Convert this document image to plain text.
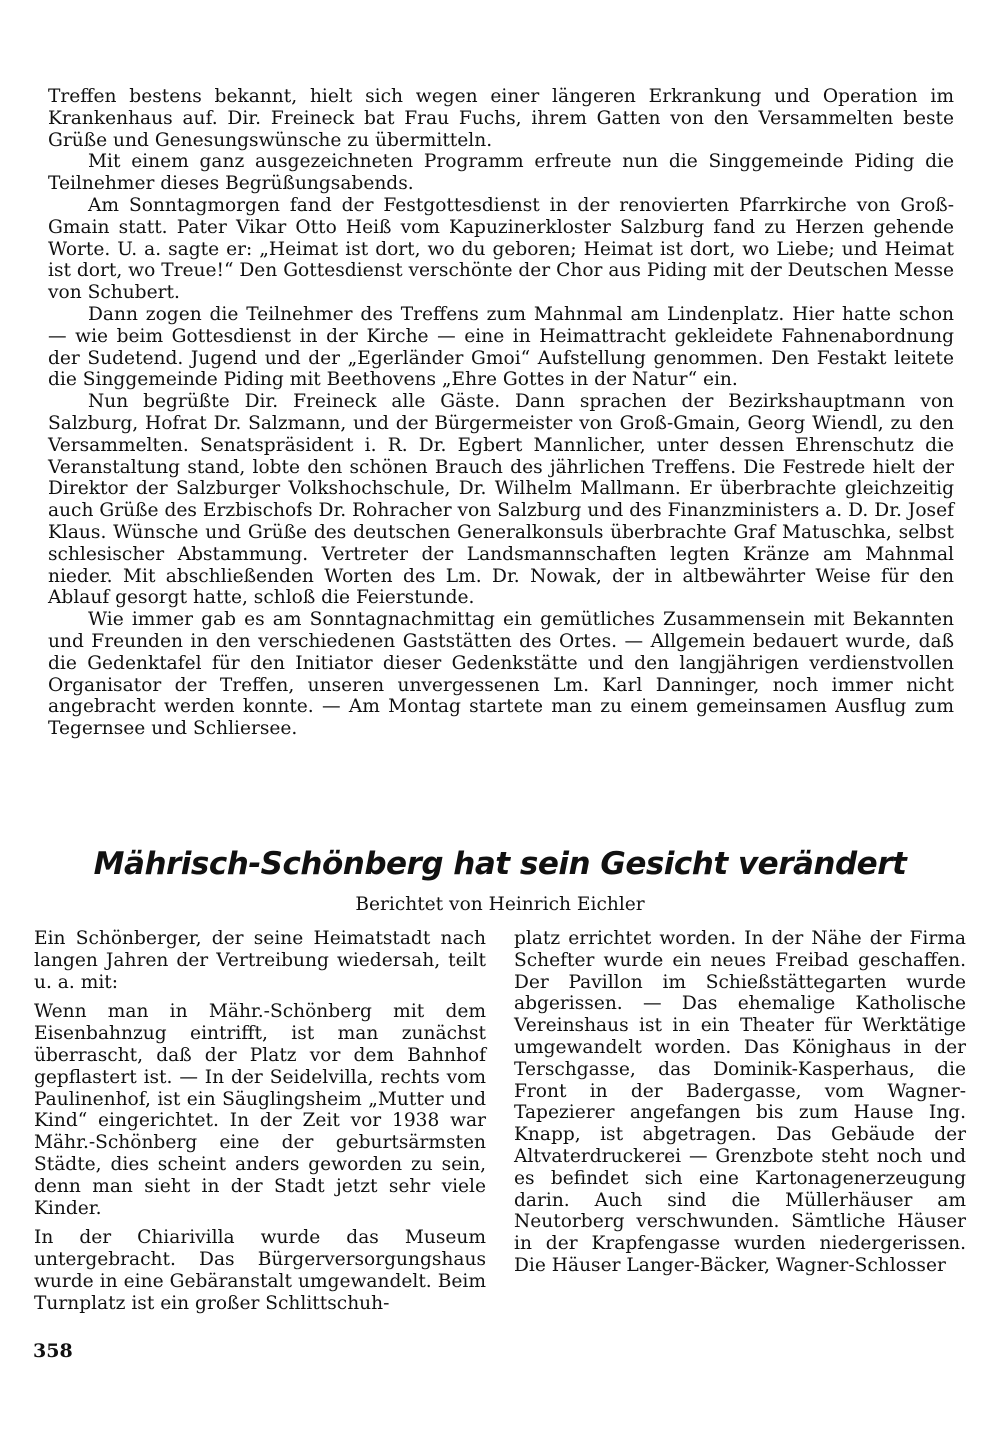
Treffen bestens bekannt, hielt sich wegen einer längeren Erkrankung und Operation im Krankenhaus auf. Dir. Freineck bat Frau Fuchs, ihrem Gatten von den Versammelten beste Grüße und Genesungswünsche zu übermitteln.

Mit einem ganz ausgezeichneten Programm erfreute nun die Singgemeinde Piding die Teilnehmer dieses Begrüßungsabends.

Am Sonntagmorgen fand der Festgottesdienst in der renovierten Pfarrkirche von Groß-Gmain statt. Pater Vikar Otto Heiß vom Kapuzinerkloster Salzburg fand zu Herzen gehende Worte. U. a. sagte er: „Heimat ist dort, wo du geboren; Heimat ist dort, wo Liebe; und Heimat ist dort, wo Treue!“ Den Gottesdienst verschönte der Chor aus Piding mit der Deutschen Messe von Schubert.

Dann zogen die Teilnehmer des Treffens zum Mahnmal am Lindenplatz. Hier hatte schon — wie beim Gottesdienst in der Kirche — eine in Heimattracht gekleidete Fahnenabordnung der Sudetend. Jugend und der „Egerländer Gmoi“ Aufstellung genommen. Den Festakt leitete die Singgemeinde Piding mit Beethovens „Ehre Gottes in der Natur“ ein.

Nun begrüßte Dir. Freineck alle Gäste. Dann sprachen der Bezirkshauptmann von Salzburg, Hofrat Dr. Salzmann, und der Bürgermeister von Groß-Gmain, Georg Wiendl, zu den Versammelten. Senatspräsident i. R. Dr. Egbert Mannlicher, unter dessen Ehrenschutz die Veranstaltung stand, lobte den schönen Brauch des jährlichen Treffens. Die Festrede hielt der Direktor der Salzburger Volkshochschule, Dr. Wilhelm Mallmann. Er überbrachte gleichzeitig auch Grüße des Erzbischofs Dr. Rohracher von Salzburg und des Finanzministers a. D. Dr. Josef Klaus. Wünsche und Grüße des deutschen Generalkonsuls überbrachte Graf Matuschka, selbst schlesischer Abstammung. Vertreter der Landsmannschaften legten Kränze am Mahnmal nieder. Mit abschließenden Worten des Lm. Dr. Nowak, der in altbewährter Weise für den Ablauf gesorgt hatte, schloß die Feierstunde.

Wie immer gab es am Sonntagnachmittag ein gemütliches Zusammensein mit Bekannten und Freunden in den verschiedenen Gaststätten des Ortes. — Allgemein bedauert wurde, daß die Gedenktafel für den Initiator dieser Gedenkstätte und den langjährigen verdienstvollen Organisator der Treffen, unseren unvergessenen Lm. Karl Danninger, noch immer nicht angebracht werden konnte. — Am Montag startete man zu einem gemeinsamen Ausflug zum Tegernsee und Schliersee.

Mährisch-Schönberg hat sein Gesicht verändert
Berichtet von Heinrich Eichler

Ein Schönberger, der seine Heimatstadt nach langen Jahren der Vertreibung wiedersah, teilt u. a. mit:

Wenn man in Mähr.-Schönberg mit dem Eisenbahnzug eintrifft, ist man zunächst überrascht, daß der Platz vor dem Bahnhof gepflastert ist. — In der Seidelvilla, rechts vom Paulinenhof, ist ein Säuglingsheim „Mutter und Kind“ eingerichtet. In der Zeit vor 1938 war Mähr.-Schönberg eine der geburtsärmsten Städte, dies scheint anders geworden zu sein, denn man sieht in der Stadt jetzt sehr viele Kinder.

In der Chiarivilla wurde das Museum untergebracht. Das Bürgerversorgungshaus wurde in eine Gebäranstalt umgewandelt. Beim Turnplatz ist ein großer Schlittschuh-

platz errichtet worden. In der Nähe der Firma Schefter wurde ein neues Freibad geschaffen. Der Pavillon im Schießstättegarten wurde abgerissen. — Das ehemalige Katholische Vereinshaus ist in ein Theater für Werktätige umgewandelt worden. Das Könighaus in der Terschgasse, das Dominik-Kasperhaus, die Front in der Badergasse, vom Wagner-Tapezierer angefangen bis zum Hause Ing. Knapp, ist abgetragen. Das Gebäude der Altvaterdruckerei — Grenzbote steht noch und es befindet sich eine Kartonagenerzeugung darin. Auch sind die Müllerhäuser am Neutorberg verschwunden. Sämtliche Häuser in der Krapfengasse wurden niedergerissen. Die Häuser Langer-Bäcker, Wagner-Schlosser

358
